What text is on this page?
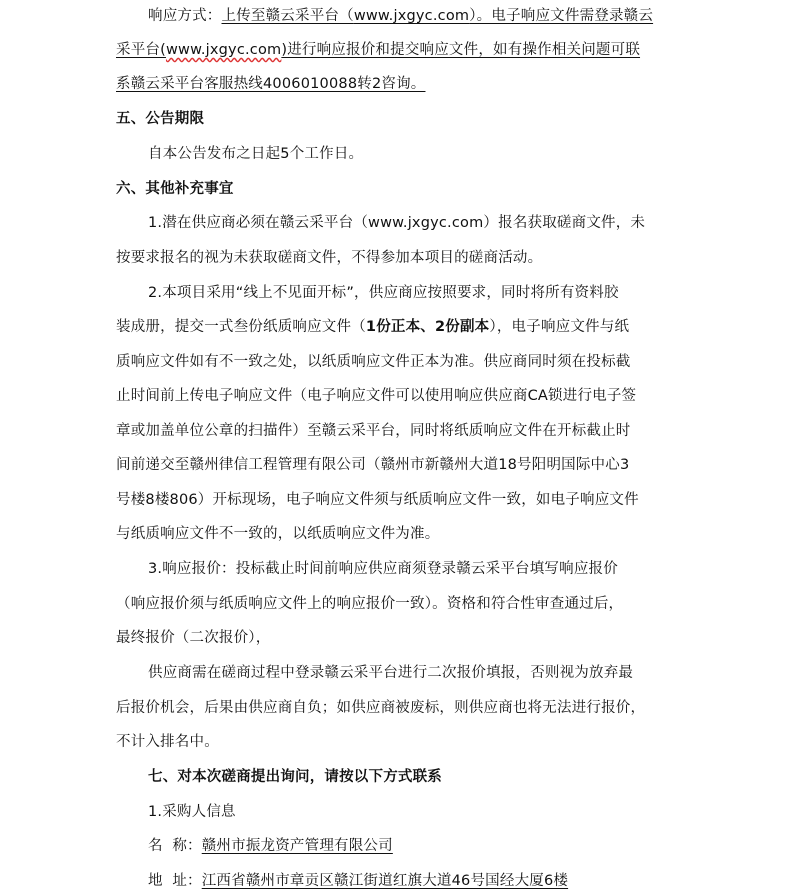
响应方式：上传至赣云采平台（www.jxgyc.com）。电子响应文件需登录赣云
采平台(www.jxgyc.com)进行响应报价和提交响应文件，如有操作相关问题可联
系赣云采平台客服热线4006010088转2咨询。
五、公告期限
自本公告发布之日起5个工作日。
六、其他补充事宜
1.潜在供应商必须在赣云采平台（www.jxgyc.com）报名获取磋商文件，未
按要求报名的视为未获取磋商文件，不得参加本项目的磋商活动。
2.本项目采用“线上不见面开标”，供应商应按照要求，同时将所有资料胶
装成册，提交一式叁份纸质响应文件（1份正本、2份副本），电子响应文件与纸
质响应文件如有不一致之处，以纸质响应文件正本为准。供应商同时须在投标截
止时间前上传电子响应文件（电子响应文件可以使用响应供应商CA锁进行电子签
章或加盖单位公章的扫描件）至赣云采平台，同时将纸质响应文件在开标截止时
间前递交至赣州律信工程管理有限公司（赣州市新赣州大道18号阳明国际中心3
号楼8楼806）开标现场，电子响应文件须与纸质响应文件一致，如电子响应文件
与纸质响应文件不一致的，以纸质响应文件为准。
3.响应报价：投标截止时间前响应供应商须登录赣云采平台填写响应报价
（响应报价须与纸质响应文件上的响应报价一致）。资格和符合性审查通过后，
最终报价（二次报价），
供应商需在磋商过程中登录赣云采平台进行二次报价填报，否则视为放弃最
后报价机会，后果由供应商自负；如供应商被废标，则供应商也将无法进行报价，
不计入排名中。
七、对本次磋商提出询问，请按以下方式联系
1.采购人信息
名  称：赣州市振龙资产管理有限公司
地  址：江西省赣州市章贡区赣江街道红旗大道46号国经大厦6楼
